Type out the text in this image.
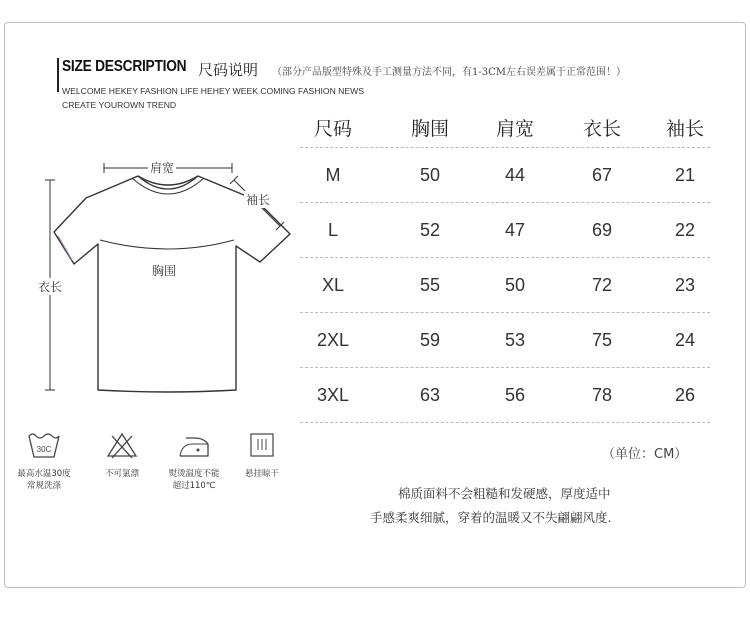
SIZE DESCRIPTION 尺码说明 （部分产品版型特殊及手工测量方法不同，有1-3CM左右误差属于正常范围！）
WELCOME HEKEY FASHION LIFE HEHEY WEEK COMING FASHION NEWS
CREATE YOUROWN TREND
肩宽
袖长
胸围
衣长
尺码	胸围	肩宽	衣长	袖长
M	50	44	67	21
L	52	47	69	22
XL	55	50	72	23
2XL	59	53	75	24
3XL	63	56	78	26
（单位：CM）
棉质面料不会粗糙和发硬感，厚度适中
手感柔爽细腻，穿着的温暖又不失翩翩风度.
30C
最高水温30度
常规洗涤
不可氯漂	熨烫温度不能
超过110℃
悬挂晾干
